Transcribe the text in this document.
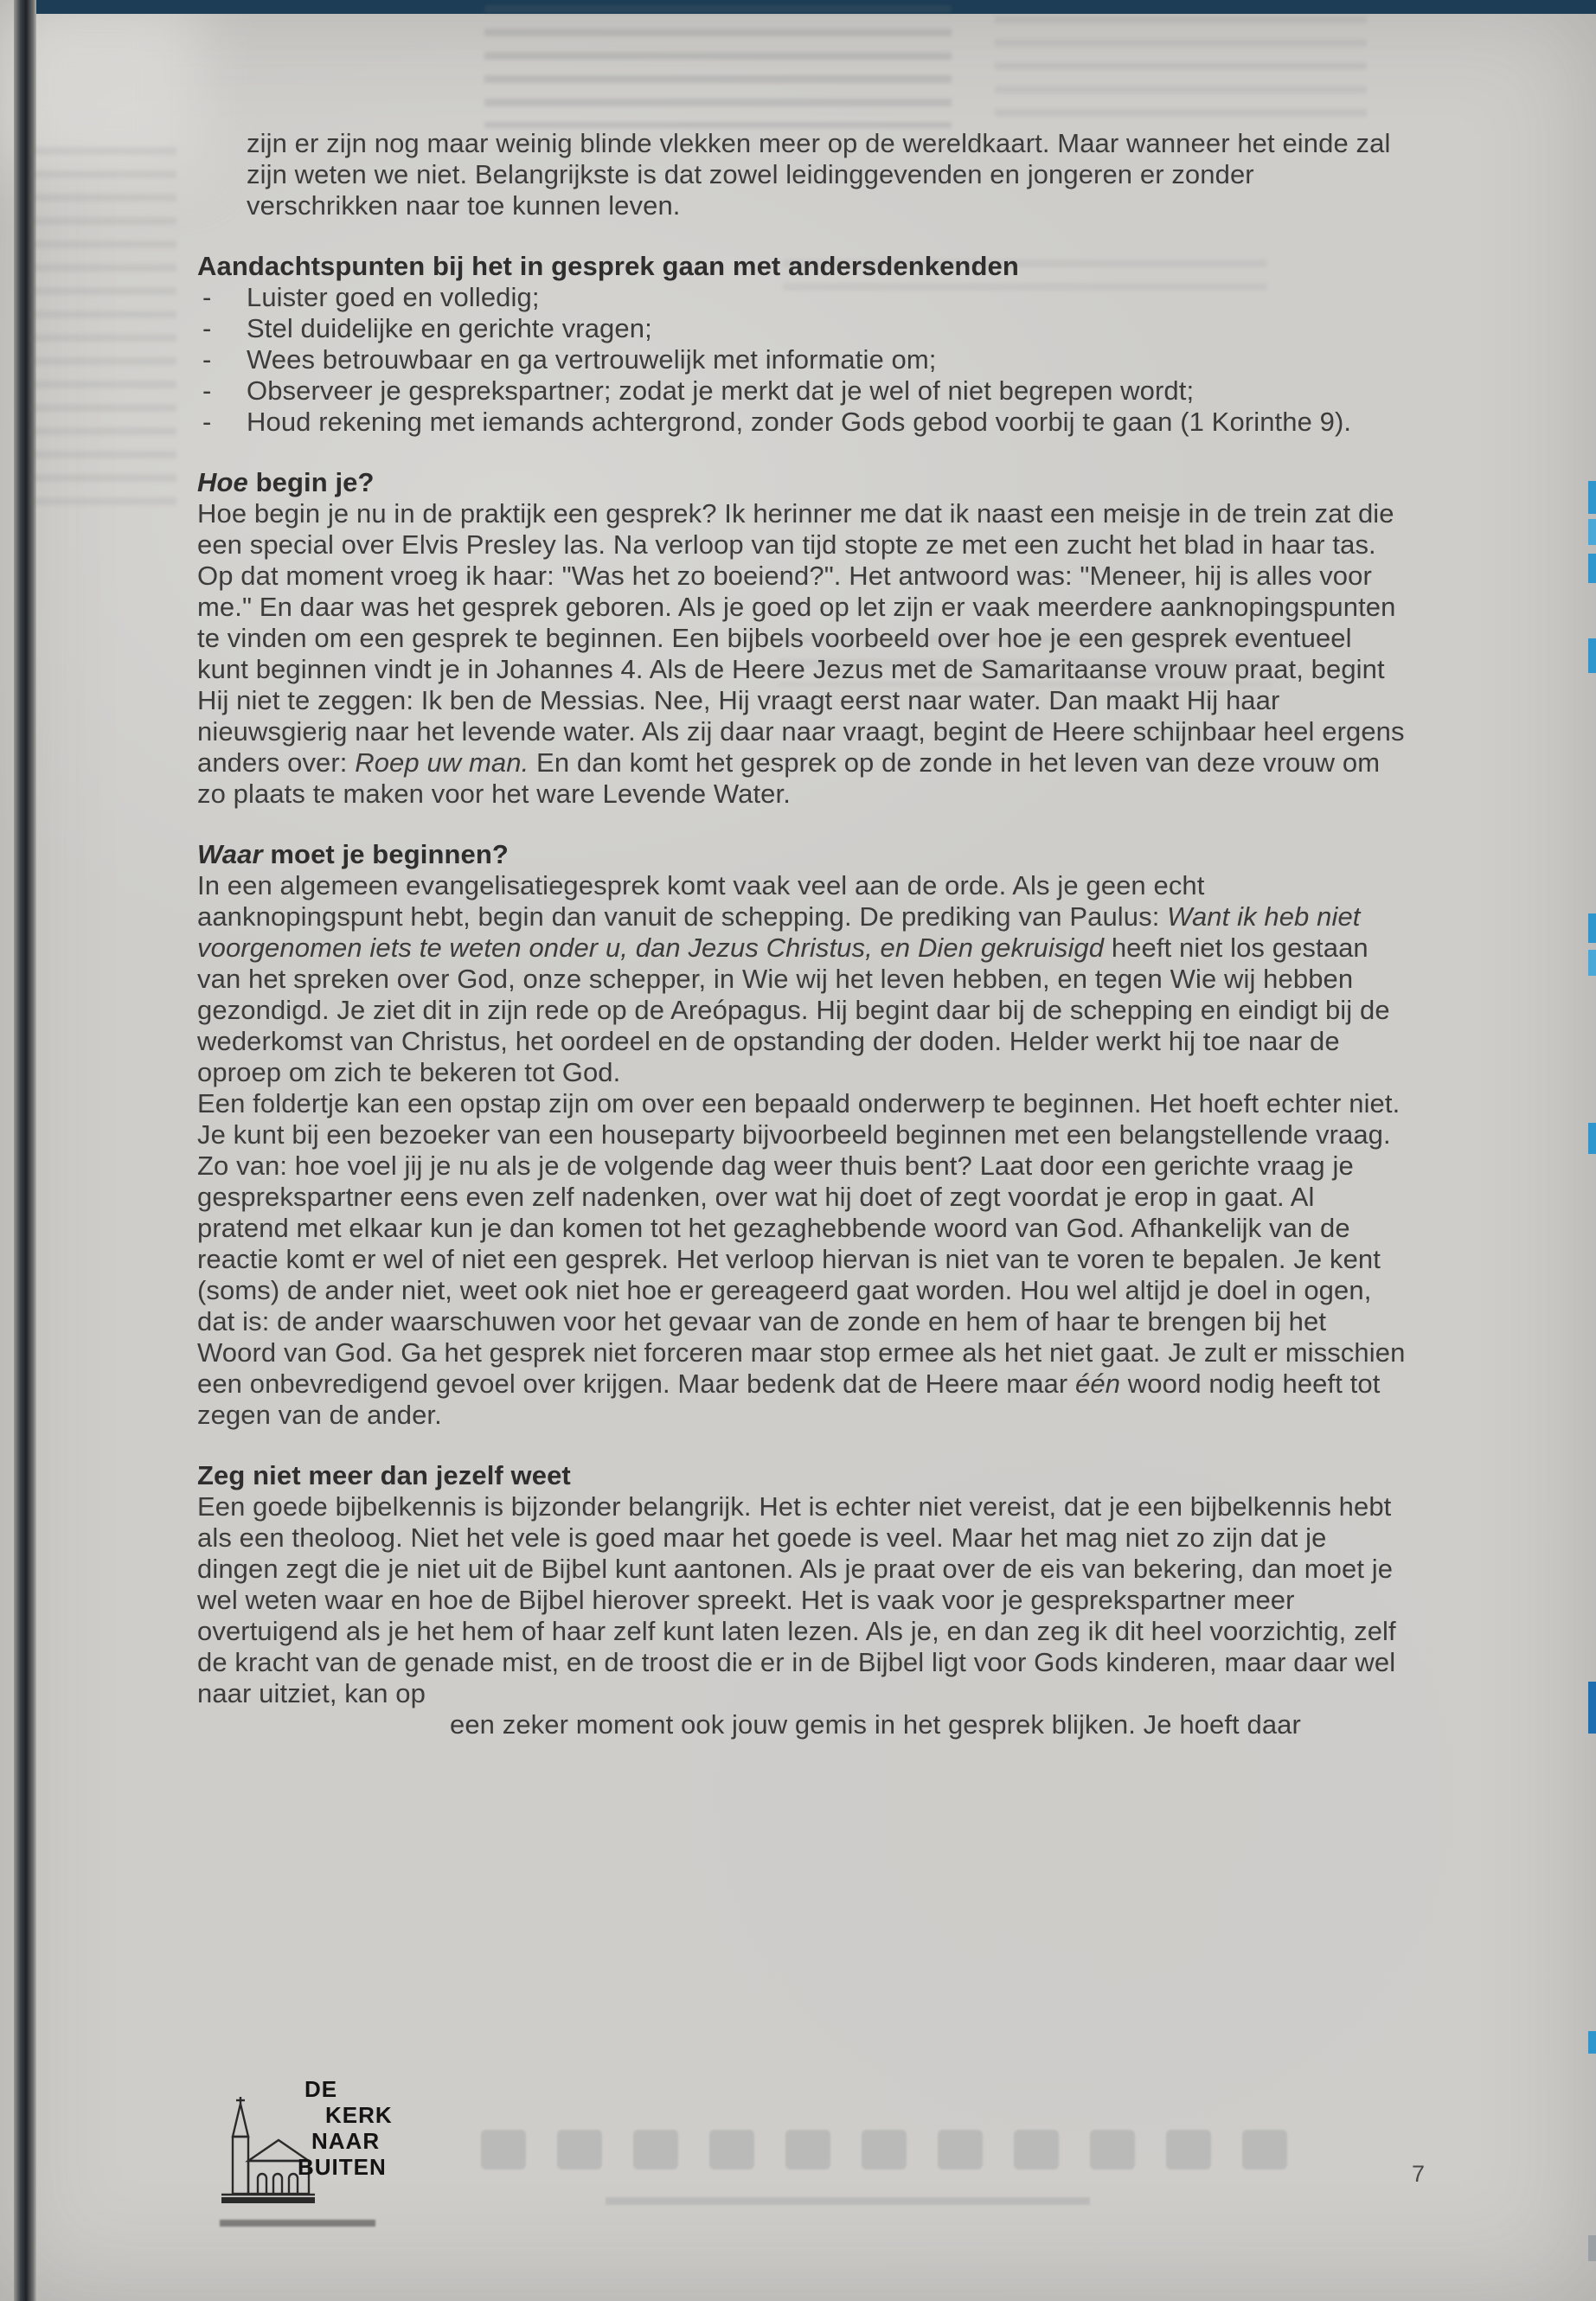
zijn er zijn nog maar weinig blinde vlekken meer op de wereldkaart. Maar wanneer het einde zal zijn weten we niet. Belangrijkste is dat zowel leidinggevenden en jongeren er zonder verschrikken naar toe kunnen leven.

Aandachtspunten bij het in gesprek gaan met andersdenkenden
-	Luister goed en volledig;
-	Stel duidelijke en gerichte vragen;
-	Wees betrouwbaar en ga vertrouwelijk met informatie om;
-	Observeer je gesprekspartner; zodat je merkt dat je wel of niet begrepen wordt;
-	Houd rekening met iemands achtergrond, zonder Gods gebod voorbij te gaan (1 Korinthe 9).
Hoe begin je?

Hoe begin je nu in de praktijk een gesprek? Ik herinner me dat ik naast een meisje in de trein zat die een special over Elvis Presley las. Na verloop van tijd stopte ze met een zucht het blad in haar tas. Op dat moment vroeg ik haar: "Was het zo boeiend?". Het antwoord was: "Meneer, hij is alles voor me." En daar was het gesprek geboren. Als je goed op let zijn er vaak meerdere aanknopingspunten te vinden om een gesprek te beginnen. Een bijbels voorbeeld over hoe je een gesprek eventueel kunt beginnen vindt je in Johannes 4. Als de Heere Jezus met de Samaritaanse vrouw praat, begint Hij niet te zeggen: Ik ben de Messias. Nee, Hij vraagt eerst naar water. Dan maakt Hij haar nieuwsgierig naar het levende water. Als zij daar naar vraagt, begint de Heere schijnbaar heel ergens anders over: Roep uw man. En dan komt het gesprek op de zonde in het leven van deze vrouw om zo plaats te maken voor het ware Levende Water.

Waar moet je beginnen?

In een algemeen evangelisatiegesprek komt vaak veel aan de orde. Als je geen echt aanknopingspunt hebt, begin dan vanuit de schepping. De prediking van Paulus: Want ik heb niet voorgenomen iets te weten onder u, dan Jezus Christus, en Dien gekruisigd heeft niet los gestaan van het spreken over God, onze schepper, in Wie wij het leven hebben, en tegen Wie wij hebben gezondigd. Je ziet dit in zijn rede op de Areópagus. Hij begint daar bij de schepping en eindigt bij de wederkomst van Christus, het oordeel en de opstanding der doden. Helder werkt hij toe naar de oproep om zich te bekeren tot God.

Een foldertje kan een opstap zijn om over een bepaald onderwerp te beginnen. Het hoeft echter niet. Je kunt bij een bezoeker van een houseparty bijvoorbeeld beginnen met een belangstellende vraag. Zo van: hoe voel jij je nu als je de volgende dag weer thuis bent? Laat door een gerichte vraag je gesprekspartner eens even zelf nadenken, over wat hij doet of zegt voordat je erop in gaat. Al pratend met elkaar kun je dan komen tot het gezaghebbende woord van God. Afhankelijk van de reactie komt er wel of niet een gesprek. Het verloop hiervan is niet van te voren te bepalen. Je kent (soms) de ander niet, weet ook niet hoe er gereageerd gaat worden. Hou wel altijd je doel in ogen, dat is: de ander waarschuwen voor het gevaar van de zonde en hem of haar te brengen bij het Woord van God. Ga het gesprek niet forceren maar stop ermee als het niet gaat. Je zult er misschien een onbevredigend gevoel over krijgen. Maar bedenk dat de Heere maar één woord nodig heeft tot zegen van de ander.

Zeg niet meer dan jezelf weet

Een goede bijbelkennis is bijzonder belangrijk. Het is echter niet vereist, dat je een bijbelkennis hebt als een theoloog. Niet het vele is goed maar het goede is veel. Maar het mag niet zo zijn dat je dingen zegt die je niet uit de Bijbel kunt aantonen. Als je praat over de eis van bekering, dan moet je wel weten waar en hoe de Bijbel hierover spreekt. Het is vaak voor je gesprekspartner meer overtuigend als je het hem of haar zelf kunt laten lezen. Als je, en dan zeg ik dit heel voorzichtig, zelf de kracht van de genade mist, en de troost die er in de Bijbel ligt voor Gods kinderen, maar daar wel naar uitziet, kan op

een zeker moment ook jouw gemis in het gesprek blijken. Je hoeft daar

DE
KERK
NAAR
BUITEN	7
